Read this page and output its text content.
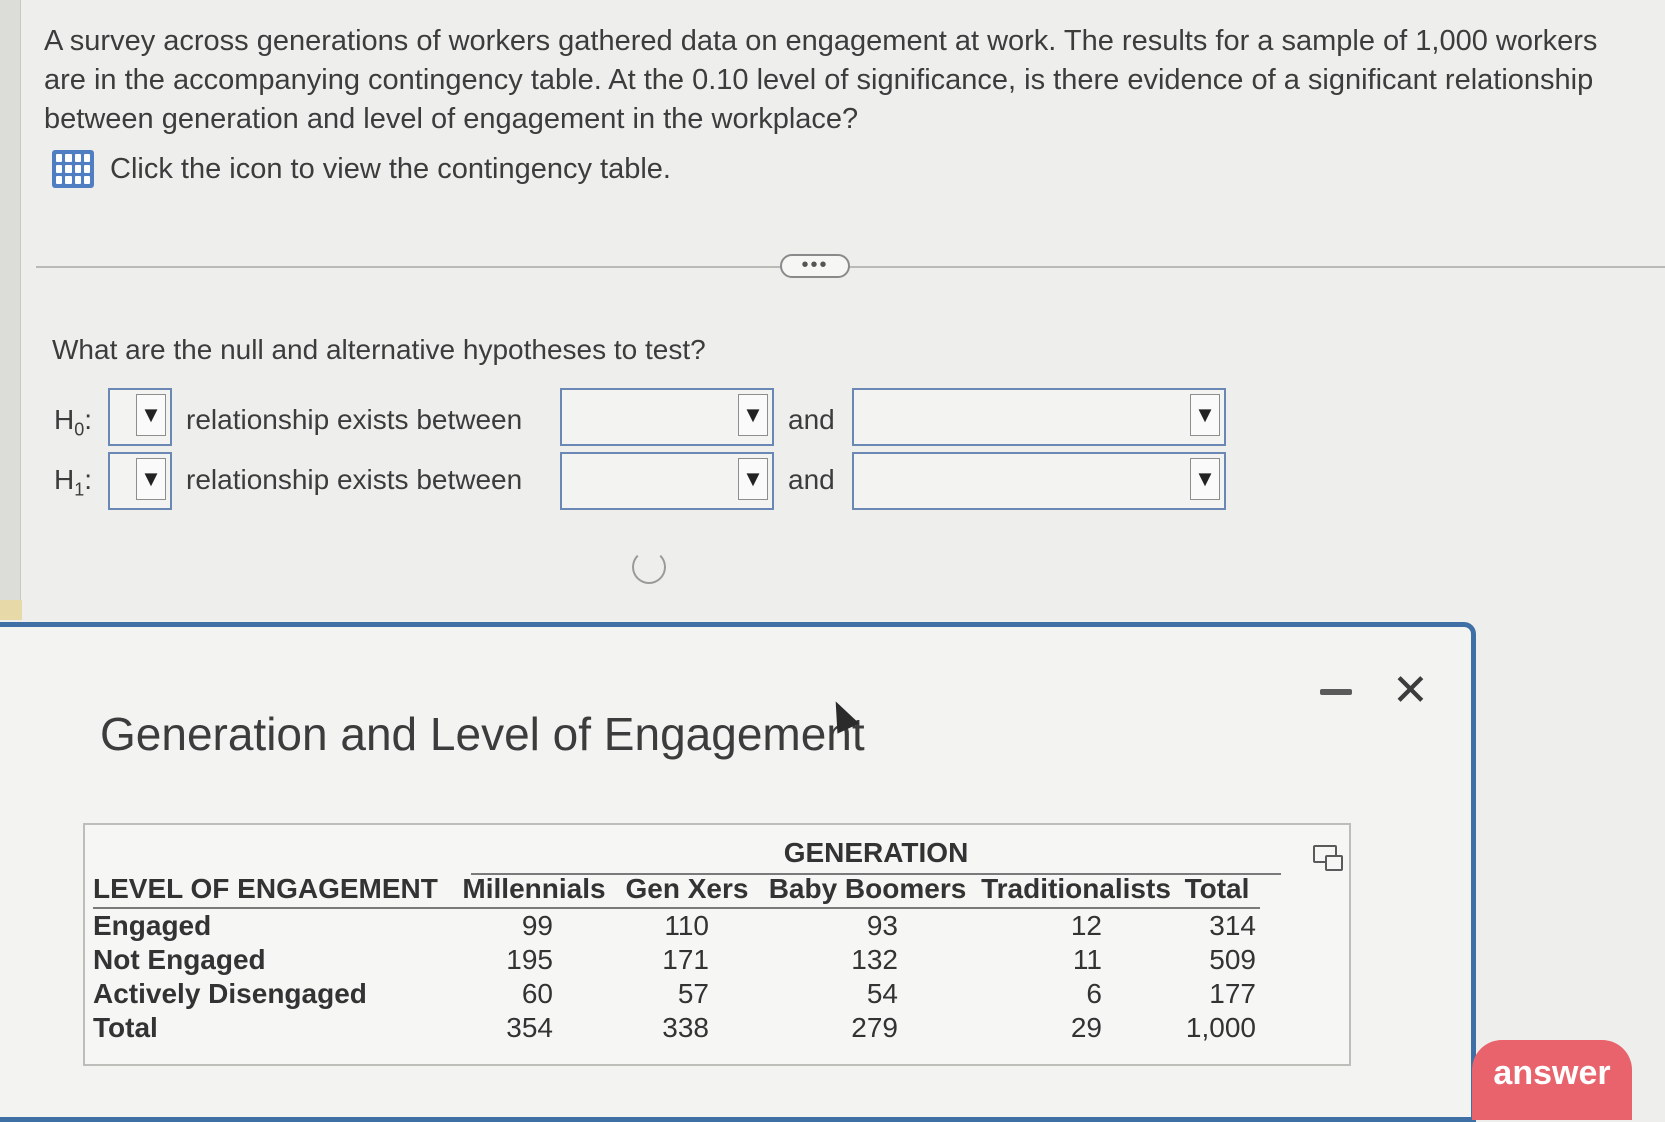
A survey across generations of workers gathered data on engagement at work. The results for a sample of 1,000 workers are in the accompanying contingency table. At the 0.10 level of significance, is there evidence of a significant relationship between generation and level of engagement in the workplace?
Click the icon to view the contingency table.
•••
What are the null and alternative hypotheses to test?
$H_0$: ▼ relationship exists between	▼ and	▼
$H_1$: ▼ relationship exists between	▼ and	▼
Generation and Level of Engagement
✕
GENERATION
LEVEL OF ENGAGEMENT	Millennials	Gen Xers	Baby Boomers	Traditionalists	Total
Engaged	99	110	93	12	314
Not Engaged	195	171	132	11	509
Actively Disengaged	60	57	54	6	177
Total	354	338	279	29	1,000
answer
